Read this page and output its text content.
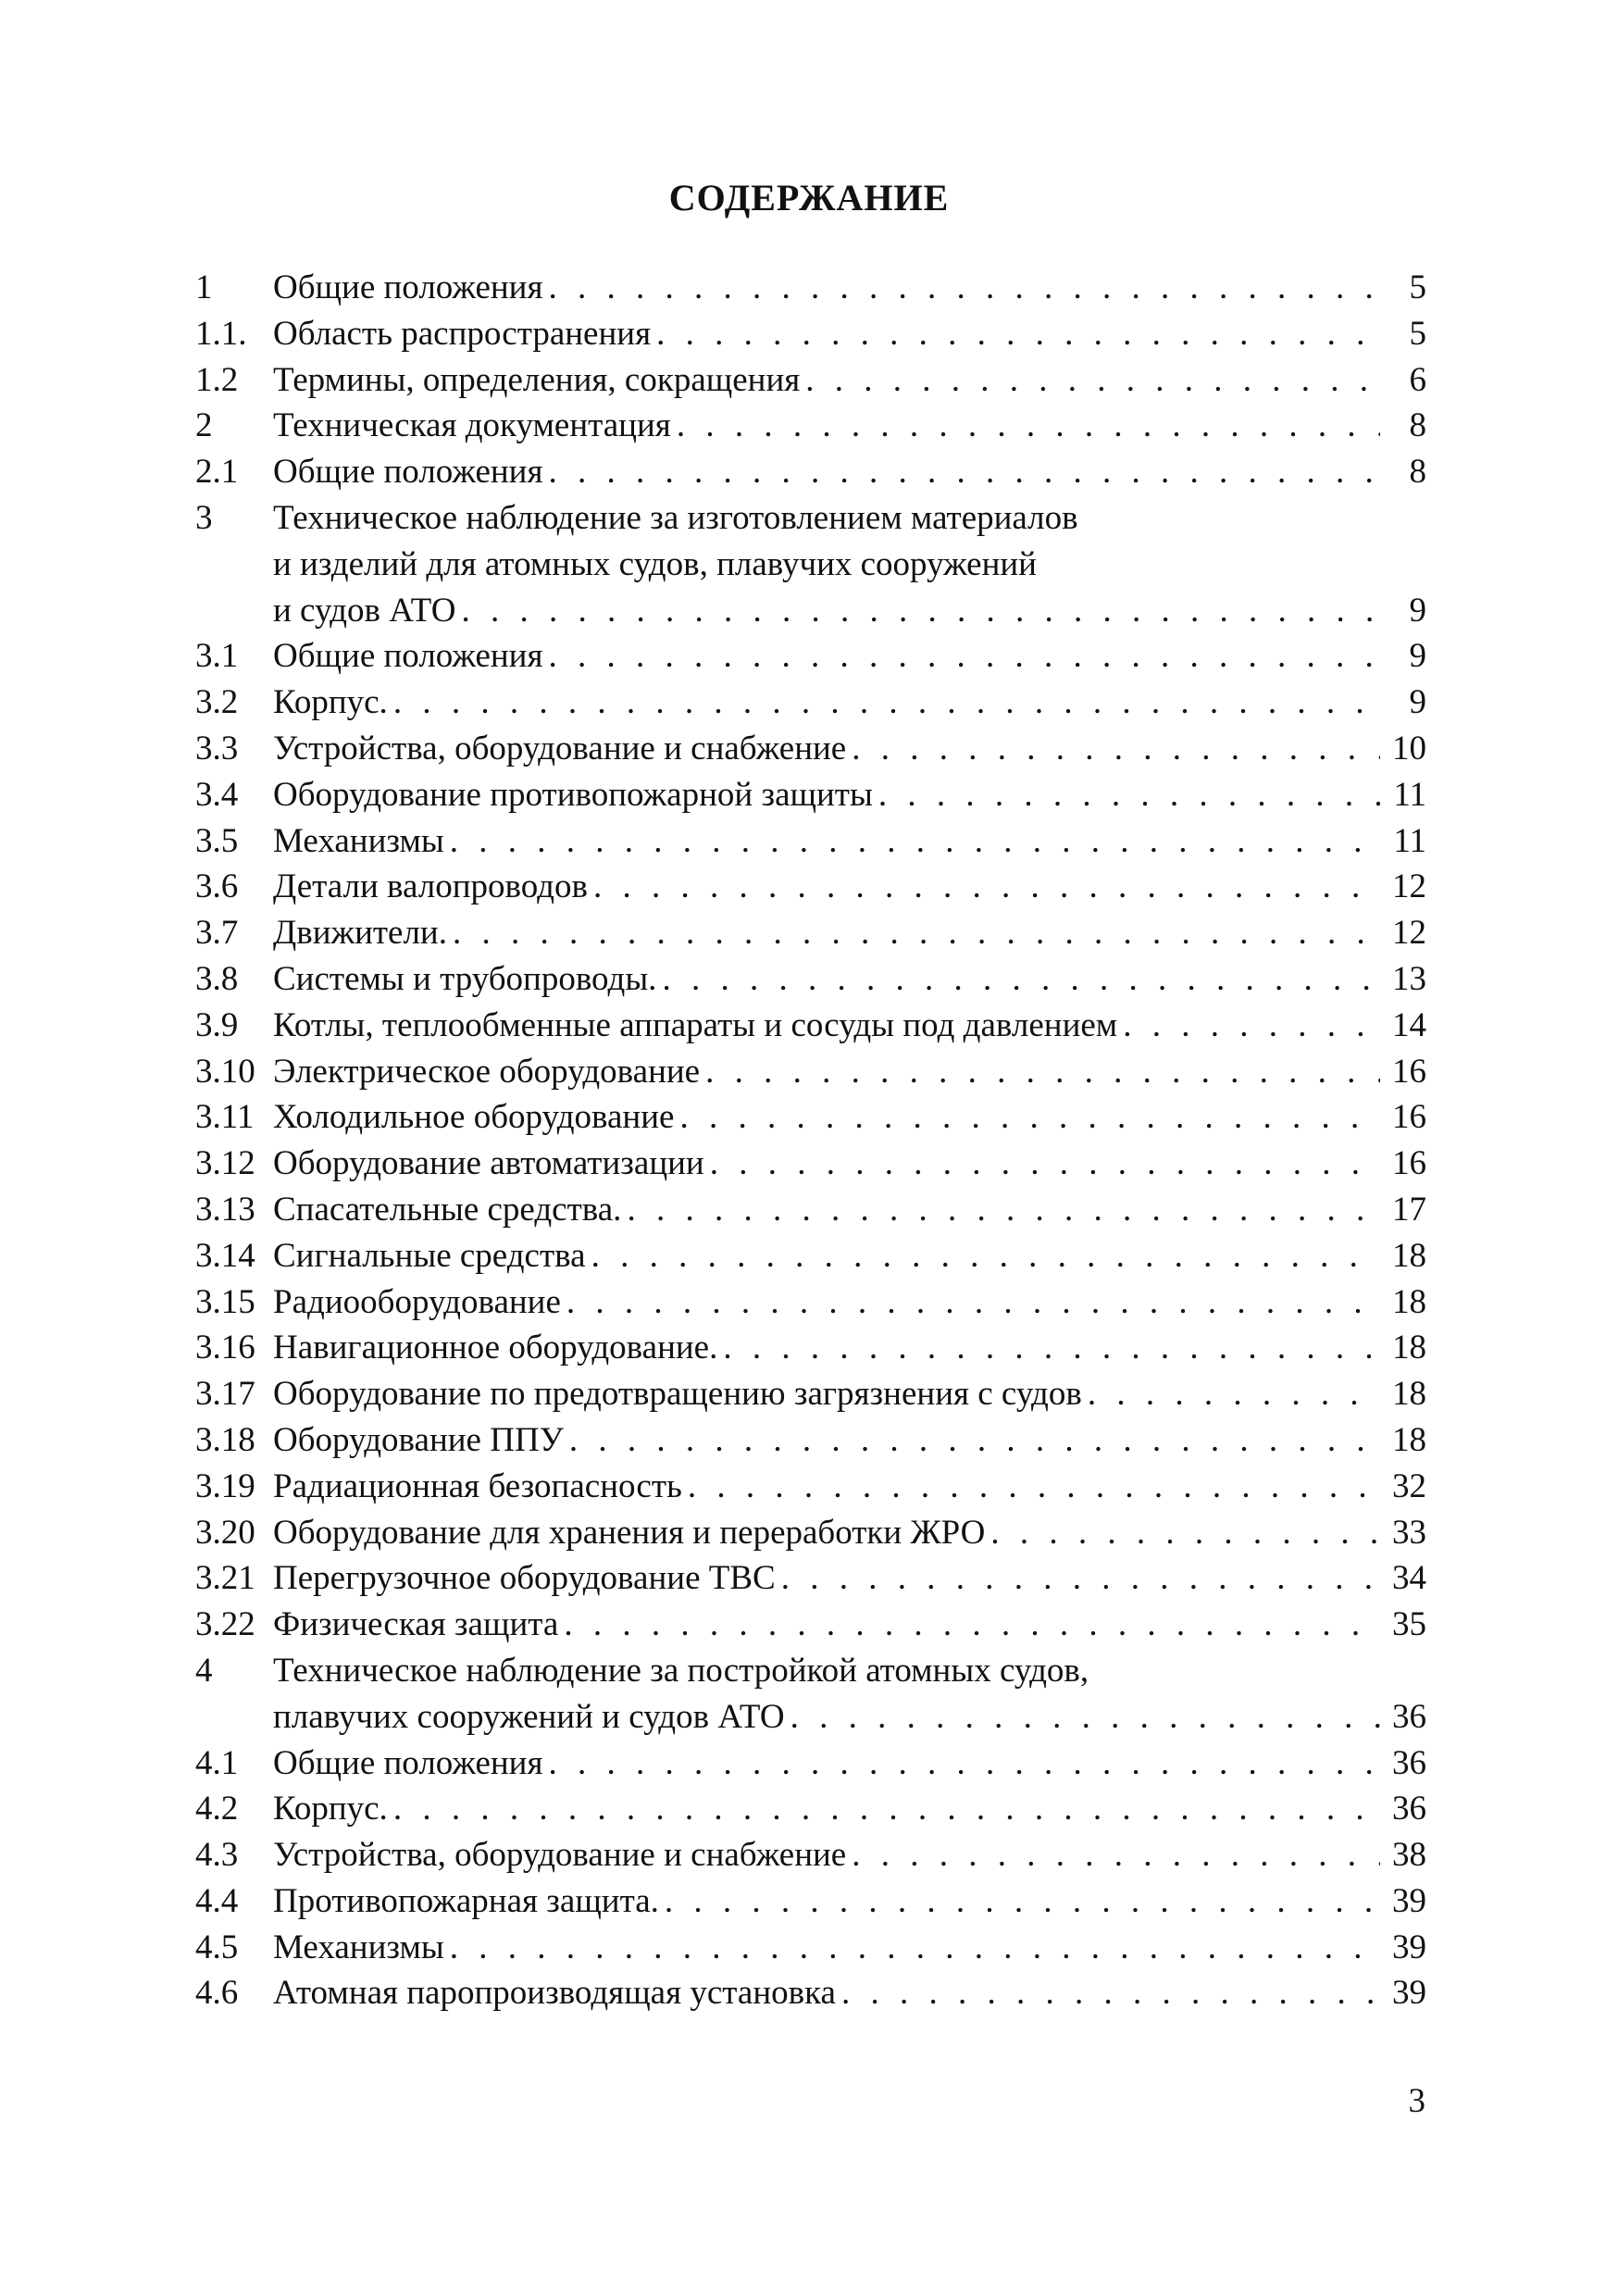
СОДЕРЖАНИЕ
1	Общие положения . . .	5
1.1. Область распространения . . .	5
1.2	Термины, определения, сокращения . . .	6
2	Техническая документация . . .	8
2.1	Общие положения . . .	8
3	Техническое наблюдение за изготовлением материалов
и изделий для атомных судов, плавучих сооружений
и судов АТО . . .	9
3.1	Общие положения . . .	9
3.2	Корпус. . . .	9
3.3	Устройства, оборудование и снабжение . . .	10
3.4	Оборудование противопожарной защиты . . .	11
3.5	Механизмы . . .	11
3.6	Детали валопроводов . . .	12
3.7	Движители. . . .	12
3.8	Системы и трубопроводы. . . .	13
3.9	Котлы, теплообменные аппараты и сосуды под давлением . . .	14
3.10 Электрическое оборудование . . .	16
3.11 Холодильное оборудование . . .	16
3.12 Оборудование автоматизации . . .	16
3.13 Спасательные средства. . . .	17
3.14 Сигнальные средства . . .	18
3.15 Радиооборудование . . .	18
3.16 Навигационное оборудование. . . .	18
3.17 Оборудование по предотвращению загрязнения с судов . . .	18
3.18 Оборудование ППУ . . .	18
3.19 Радиационная безопасность . . .	32
3.20 Оборудование для хранения и переработки ЖРО . . .	33
3.21 Перегрузочное оборудование ТВС . . .	34
3.22 Физическая защита . . .	35
4	Техническое наблюдение за постройкой атомных судов,
плавучих сооружений и судов АТО . . .	36
4.1	Общие положения . . .	36
4.2	Корпус. . . .	36
4.3	Устройства, оборудование и снабжение . . .	38
4.4	Противопожарная защита. . . .	39
4.5	Механизмы . . .	39
4.6	Атомная паропроизводящая установка . . .	39
3
